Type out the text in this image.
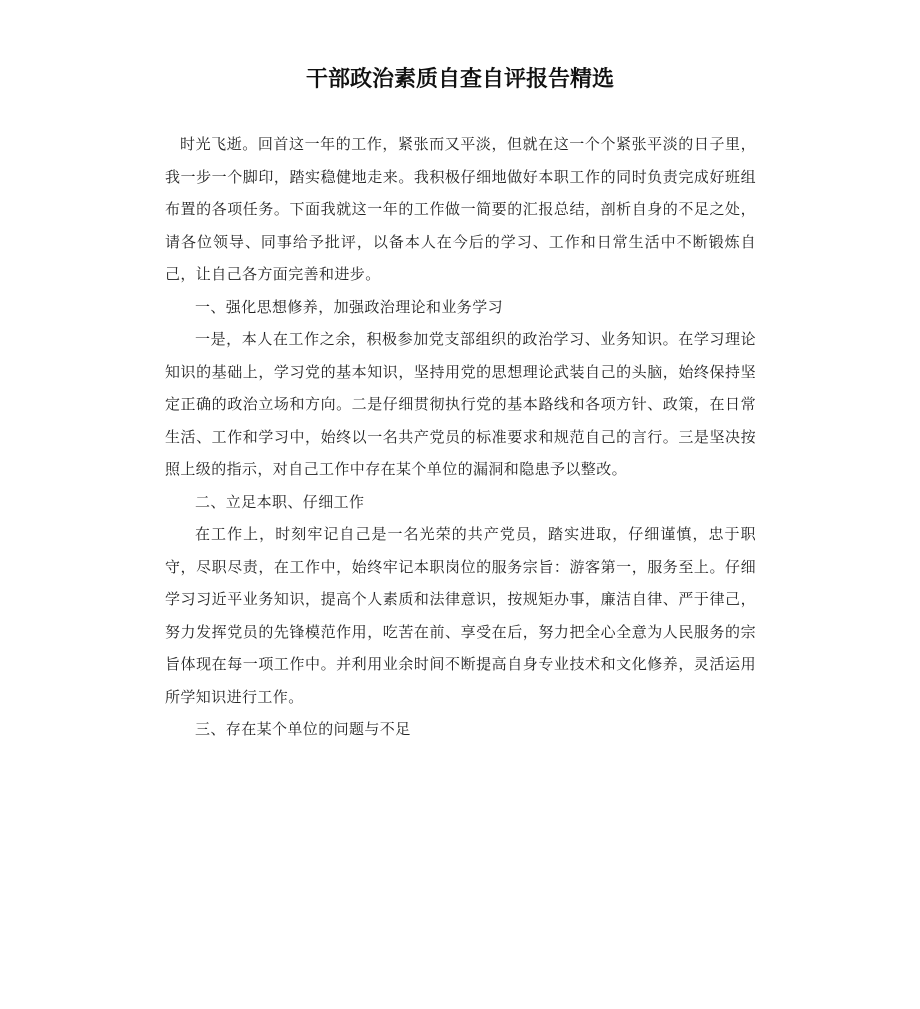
干部政治素质自查自评报告精选

时光飞逝。回首这一年的工作，紧张而又平淡，但就在这一个个紧张平淡的日子里，我一步一个脚印，踏实稳健地走来。我积极仔细地做好本职工作的同时负责完成好班组布置的各项任务。下面我就这一年的工作做一简要的汇报总结，剖析自身的不足之处，请各位领导、同事给予批评，以备本人在今后的学习、工作和日常生活中不断锻炼自己，让自己各方面完善和进步。

一、强化思想修养，加强政治理论和业务学习

一是，本人在工作之余，积极参加党支部组织的政治学习、业务知识。在学习理论知识的基础上，学习党的基本知识，坚持用党的思想理论武装自己的头脑，始终保持坚定正确的政治立场和方向。二是仔细贯彻执行党的基本路线和各项方针、政策，在日常生活、工作和学习中，始终以一名共产党员的标准要求和规范自己的言行。三是坚决按照上级的指示，对自己工作中存在某个单位的漏洞和隐患予以整改。

二、立足本职、仔细工作

在工作上，时刻牢记自己是一名光荣的共产党员，踏实进取，仔细谨慎，忠于职守，尽职尽责，在工作中，始终牢记本职岗位的服务宗旨：游客第一，服务至上。仔细学习习近平业务知识，提高个人素质和法律意识，按规矩办事，廉洁自律、严于律己，努力发挥党员的先锋模范作用，吃苦在前、享受在后，努力把全心全意为人民服务的宗旨体现在每一项工作中。并利用业余时间不断提高自身专业技术和文化修养，灵活运用所学知识进行工作。

三、存在某个单位的问题与不足
